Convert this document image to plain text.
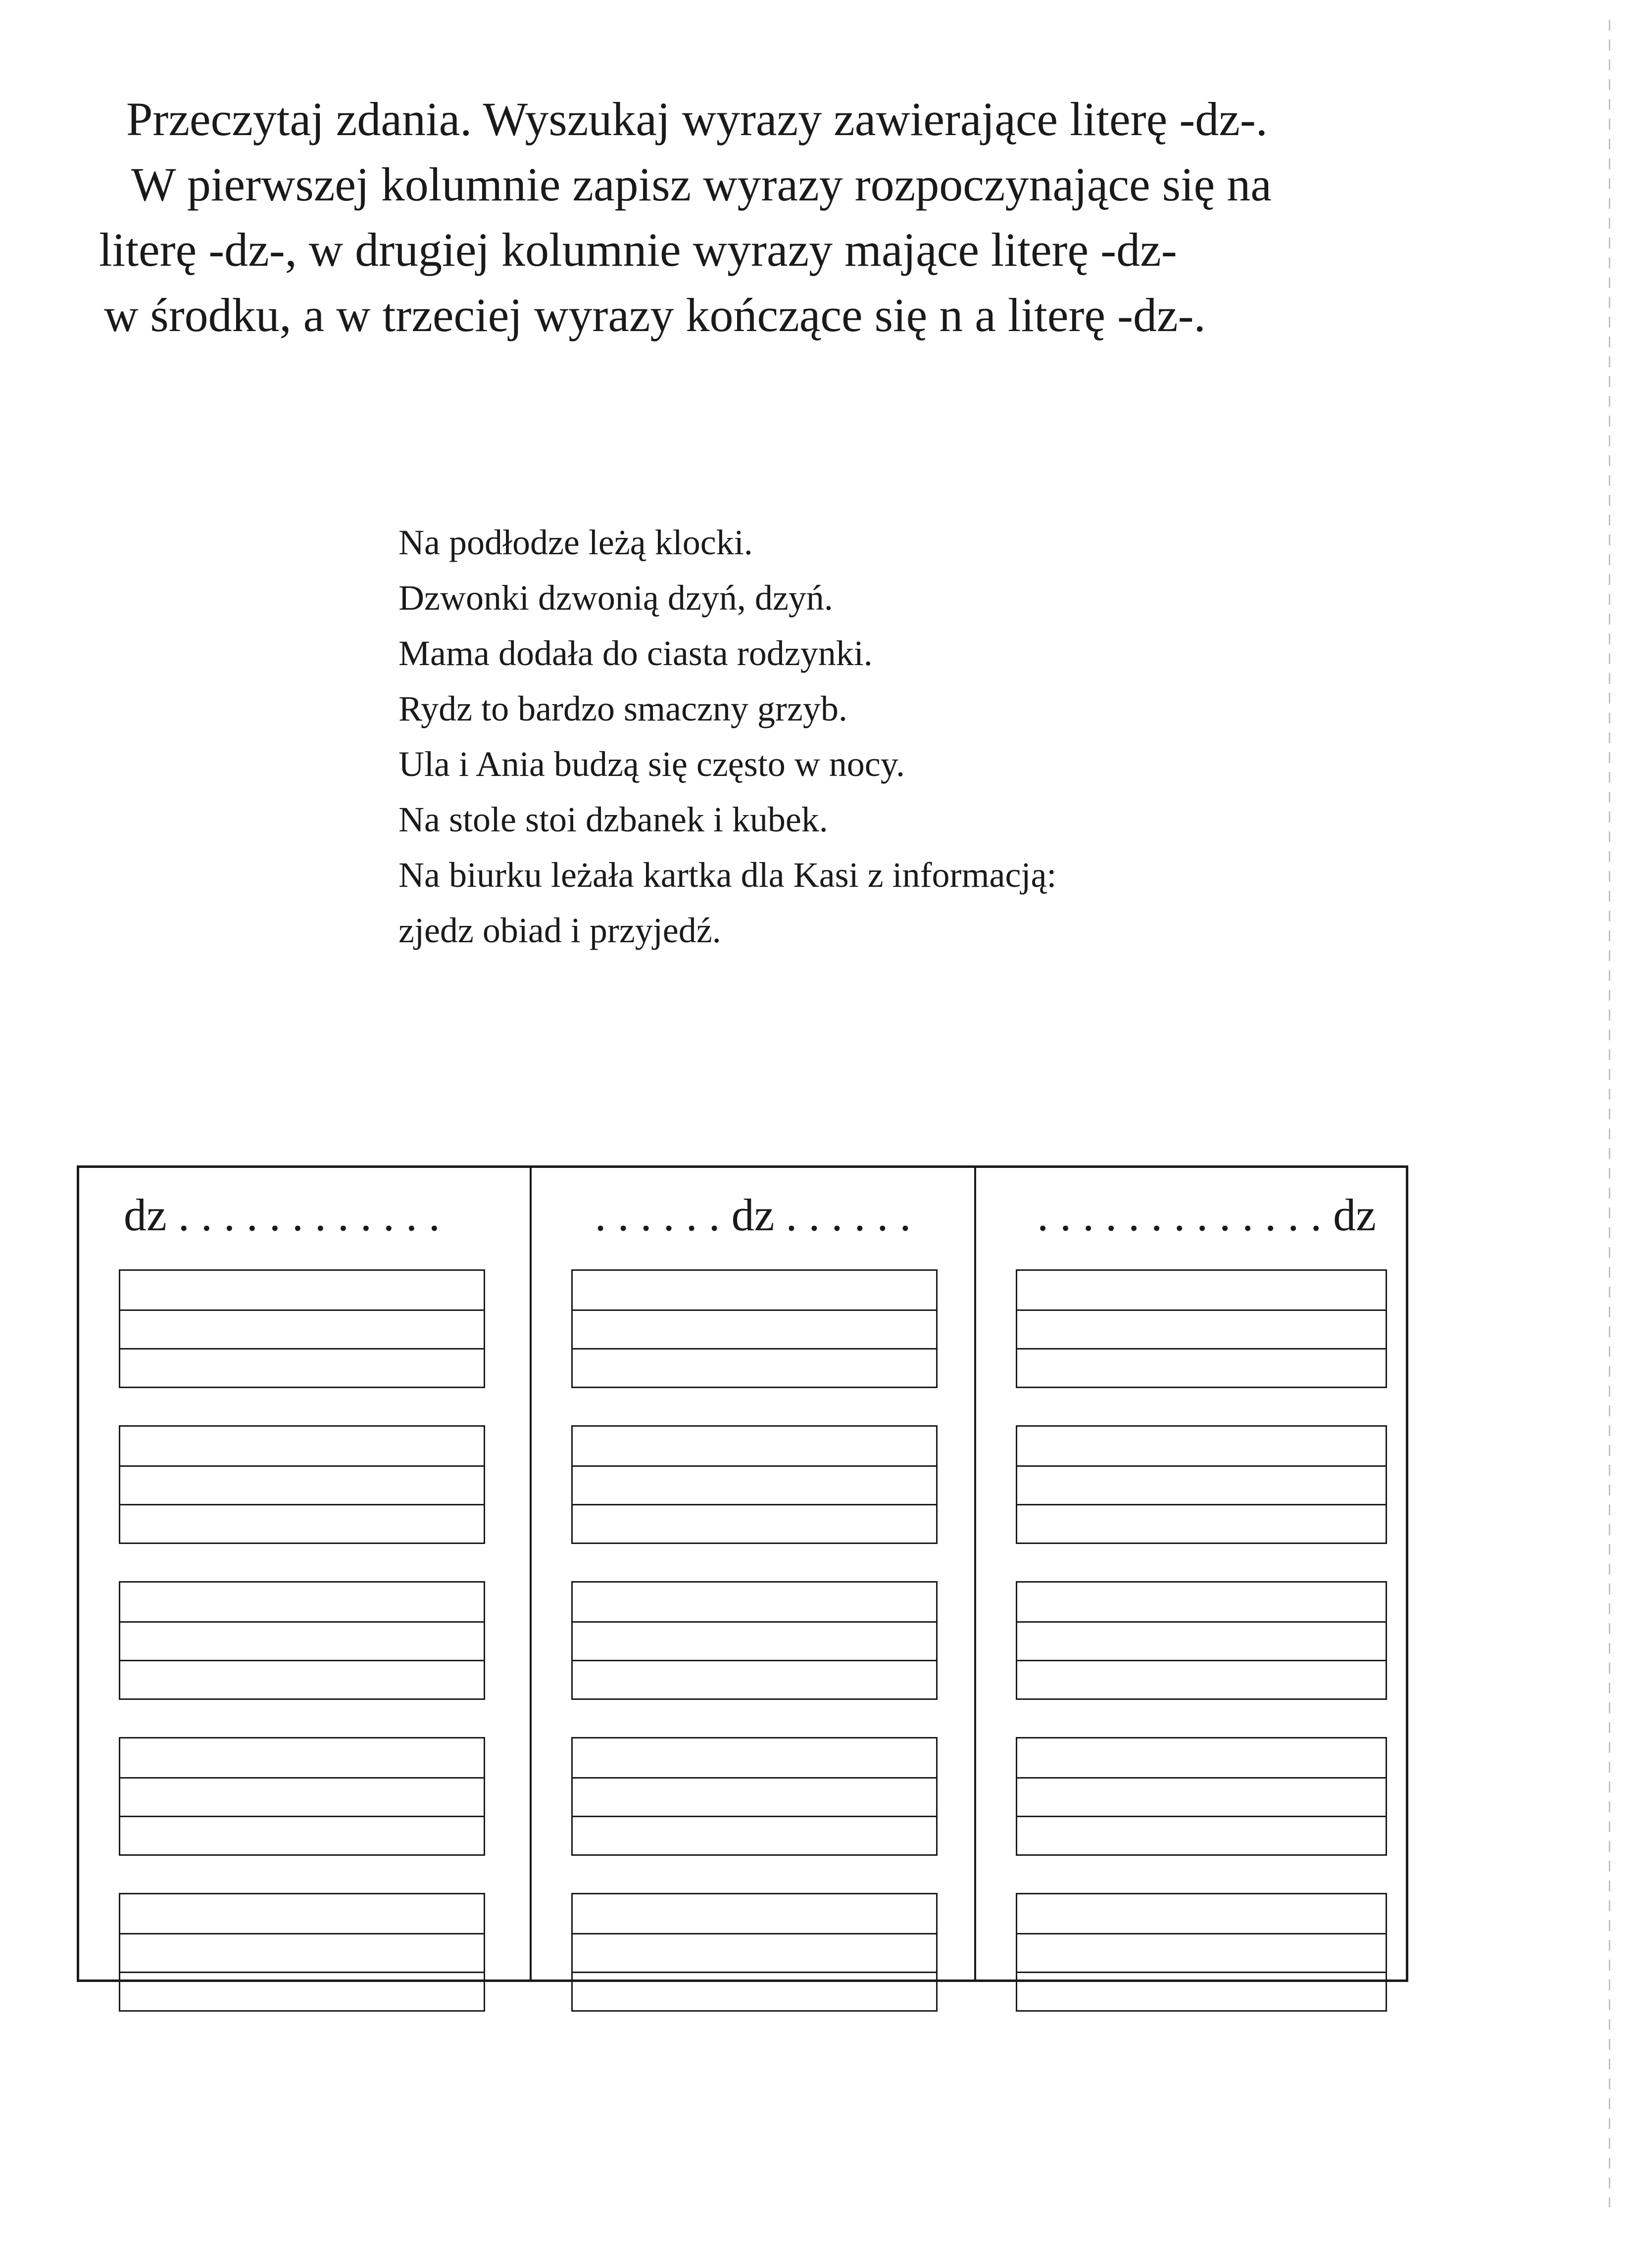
Przeczytaj zdania. Wyszukaj wyrazy zawierające literę -dz-.
W pierwszej kolumnie zapisz wyrazy rozpoczynające się na
literę -dz-, w drugiej kolumnie wyrazy mające literę -dz-
w środku, a w trzeciej wyrazy kończące się n a literę -dz-.
Na podłodze leżą klocki.
Dzwonki dzwonią dzyń, dzyń.
Mama dodała do ciasta rodzynki.
Rydz to bardzo smaczny grzyb.
Ula i Ania budzą się często w nocy.
Na stole stoi dzbanek i kubek.
Na biurku leżała kartka dla Kasi z informacją:
zjedz obiad i przyjedź.
dz . . . . . . . . . . . .	. . . . . . dz . . . . . .	. . . . . . . . . . . . . dz
